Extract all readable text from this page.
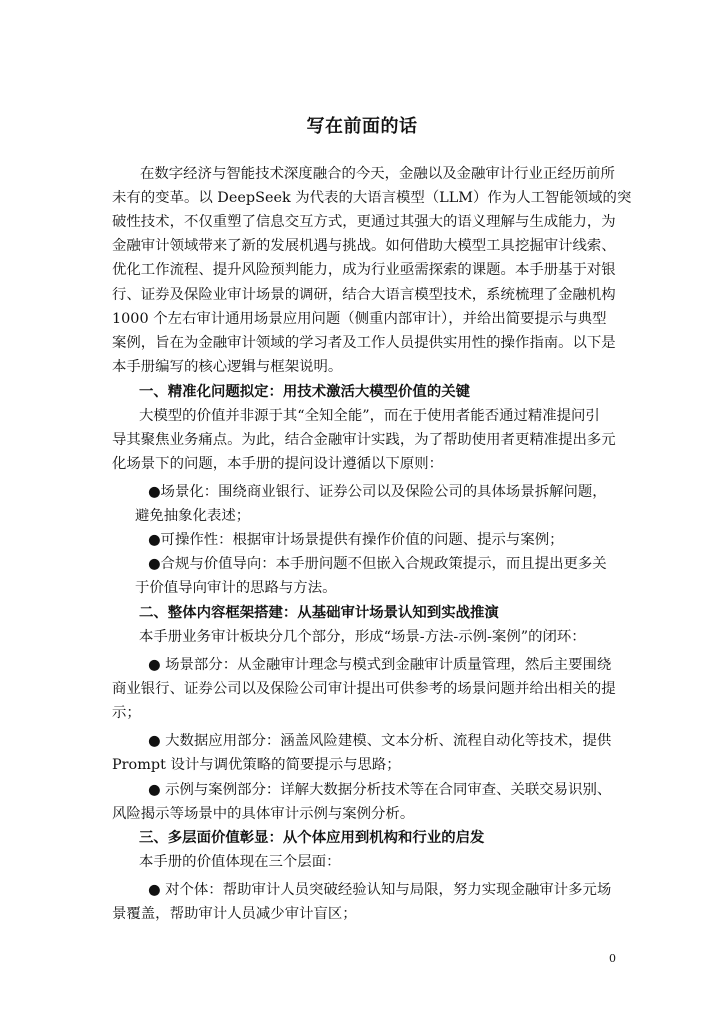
写在前面的话
在数字经济与智能技术深度融合的今天，金融以及金融审计行业正经历前所
未有的变革。以 DeepSeek 为代表的大语言模型（LLM）作为人工智能领域的突
破性技术，不仅重塑了信息交互方式，更通过其强大的语义理解与生成能力，为
金融审计领域带来了新的发展机遇与挑战。如何借助大模型工具挖掘审计线索、
优化工作流程、提升风险预判能力，成为行业亟需探索的课题。本手册基于对银
行、证券及保险业审计场景的调研，结合大语言模型技术，系统梳理了金融机构
1000 个左右审计通用场景应用问题（侧重内部审计），并给出简要提示与典型
案例，旨在为金融审计领域的学习者及工作人员提供实用性的操作指南。以下是
本手册编写的核心逻辑与框架说明。
一、精准化问题拟定：用技术激活大模型价值的关键
大模型的价值并非源于其“全知全能”，而在于使用者能否通过精准提问引
导其聚焦业务痛点。为此，结合金融审计实践，为了帮助使用者更精准提出多元
化场景下的问题，本手册的提问设计遵循以下原则：
●场景化：围绕商业银行、证券公司以及保险公司的具体场景拆解问题，
避免抽象化表述；
●可操作性：根据审计场景提供有操作价值的问题、提示与案例；
●合规与价值导向：本手册问题不但嵌入合规政策提示，而且提出更多关
于价值导向审计的思路与方法。
二、整体内容框架搭建：从基础审计场景认知到实战推演
本手册业务审计板块分几个部分，形成“场景-方法-示例-案例”的闭环：
● 场景部分：从金融审计理念与模式到金融审计质量管理，然后主要围绕
商业银行、证券公司以及保险公司审计提出可供参考的场景问题并给出相关的提
示；
● 大数据应用部分：涵盖风险建模、文本分析、流程自动化等技术，提供
Prompt 设计与调优策略的简要提示与思路；
● 示例与案例部分：详解大数据分析技术等在合同审查、关联交易识别、
风险揭示等场景中的具体审计示例与案例分析。
三、多层面价值彰显：从个体应用到机构和行业的启发
本手册的价值体现在三个层面：
● 对个体：帮助审计人员突破经验认知与局限，努力实现金融审计多元场
景覆盖，帮助审计人员减少审计盲区；
0
